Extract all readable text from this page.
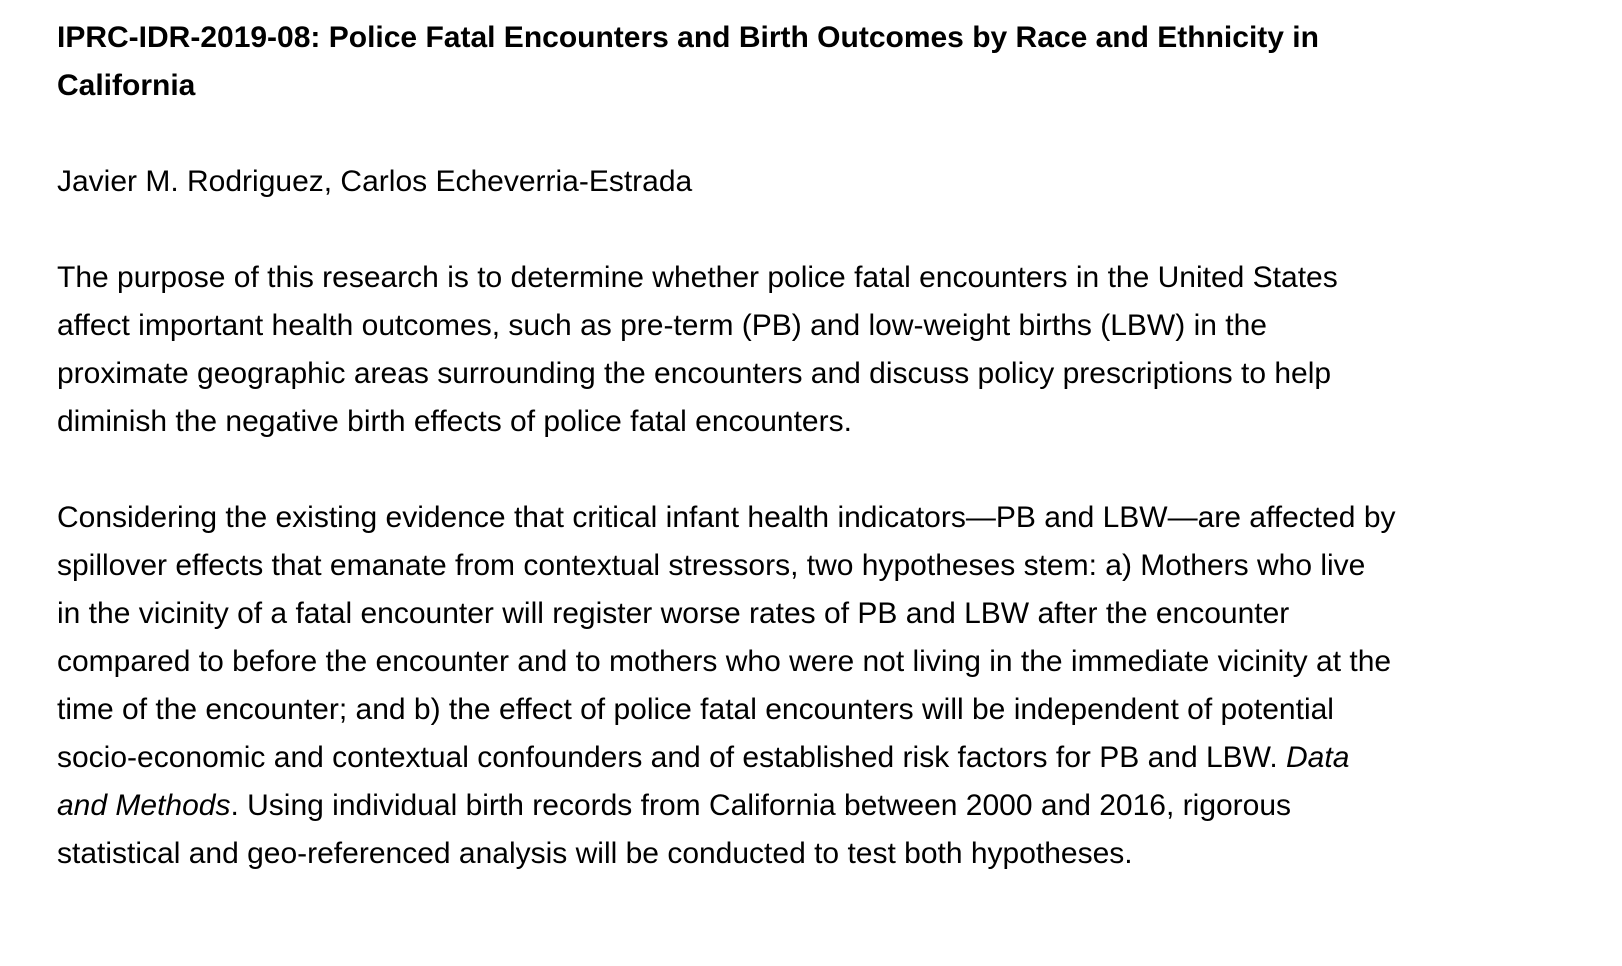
IPRC-IDR-2019-08: Police Fatal Encounters and Birth Outcomes by Race and Ethnicity in California

Javier M. Rodriguez, Carlos Echeverria-Estrada

The purpose of this research is to determine whether police fatal encounters in the United States affect important health outcomes, such as pre-term (PB) and low-weight births (LBW) in the proximate geographic areas surrounding the encounters and discuss policy prescriptions to help diminish the negative birth effects of police fatal encounters.

Considering the existing evidence that critical infant health indicators—PB and LBW—are affected by spillover effects that emanate from contextual stressors, two hypotheses stem: a) Mothers who live in the vicinity of a fatal encounter will register worse rates of PB and LBW after the encounter compared to before the encounter and to mothers who were not living in the immediate vicinity at the time of the encounter; and b) the effect of police fatal encounters will be independent of potential socio-economic and contextual confounders and of established risk factors for PB and LBW. Data and Methods. Using individual birth records from California between 2000 and 2016, rigorous statistical and geo-referenced analysis will be conducted to test both hypotheses.
